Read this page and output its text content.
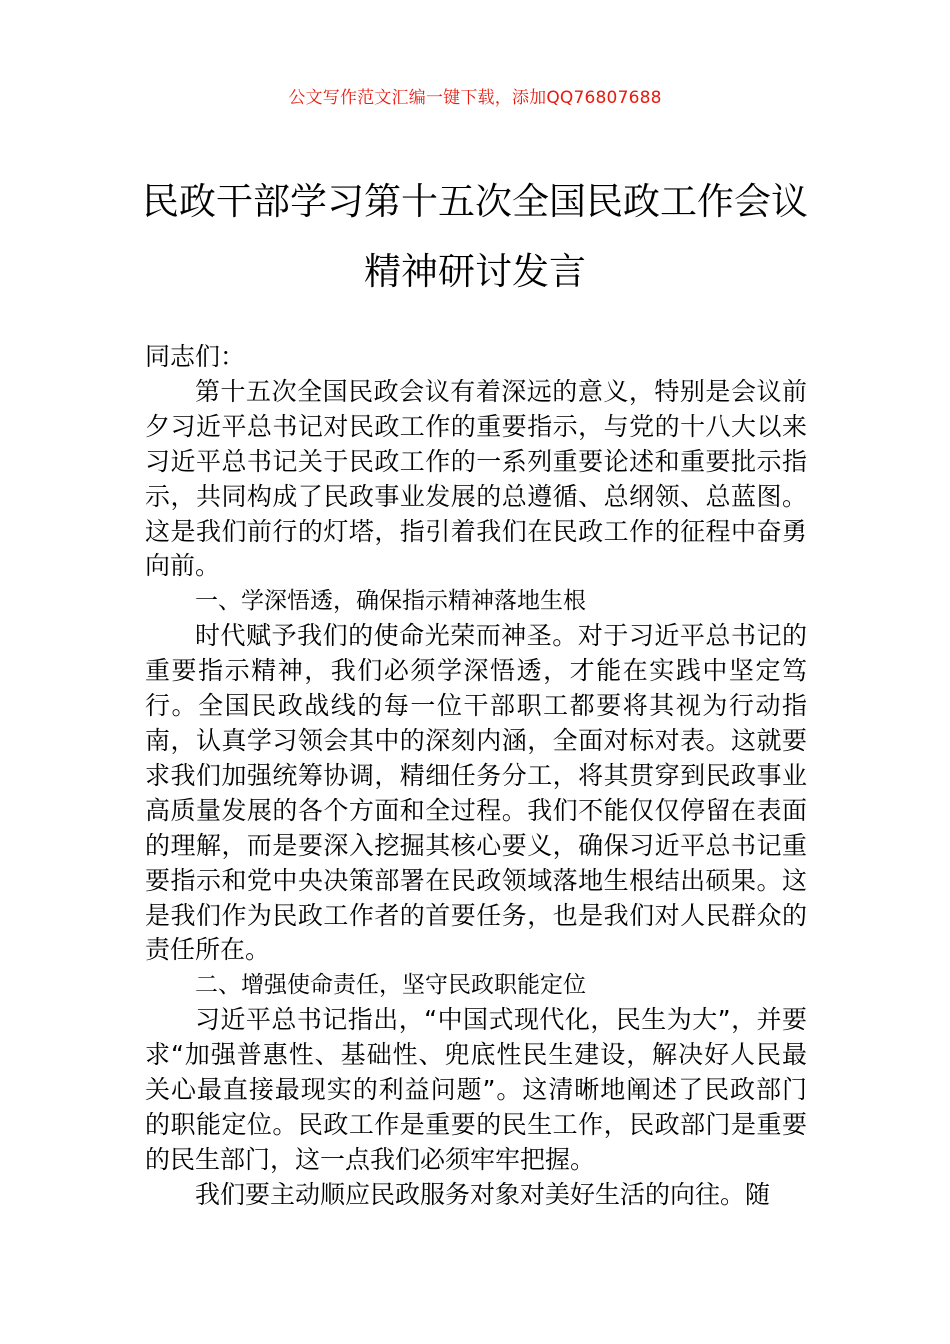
公文写作范文汇编一键下载，添加QQ76807688
民政干部学习第十五次全国民政工作会议
精神研讨发言

同志们：

第十五次全国民政会议有着深远的意义，特别是会议前夕习近平总书记对民政工作的重要指示，与党的十八大以来习近平总书记关于民政工作的一系列重要论述和重要批示指示，共同构成了民政事业发展的总遵循、总纲领、总蓝图。这是我们前行的灯塔，指引着我们在民政工作的征程中奋勇向前。

一、学深悟透，确保指示精神落地生根

时代赋予我们的使命光荣而神圣。对于习近平总书记的重要指示精神，我们必须学深悟透，才能在实践中坚定笃行。全国民政战线的每一位干部职工都要将其视为行动指南，认真学习领会其中的深刻内涵，全面对标对表。这就要求我们加强统筹协调，精细任务分工，将其贯穿到民政事业高质量发展的各个方面和全过程。我们不能仅仅停留在表面的理解，而是要深入挖掘其核心要义，确保习近平总书记重要指示和党中央决策部署在民政领域落地生根结出硕果。这是我们作为民政工作者的首要任务，也是我们对人民群众的责任所在。

二、增强使命责任，坚守民政职能定位

习近平总书记指出，“中国式现代化，民生为大”，并要求“加强普惠性、基础性、兜底性民生建设，解决好人民最关心最直接最现实的利益问题”。这清晰地阐述了民政部门的职能定位。民政工作是重要的民生工作，民政部门是重要的民生部门，这一点我们必须牢牢把握。

我们要主动顺应民政服务对象对美好生活的向往。随
